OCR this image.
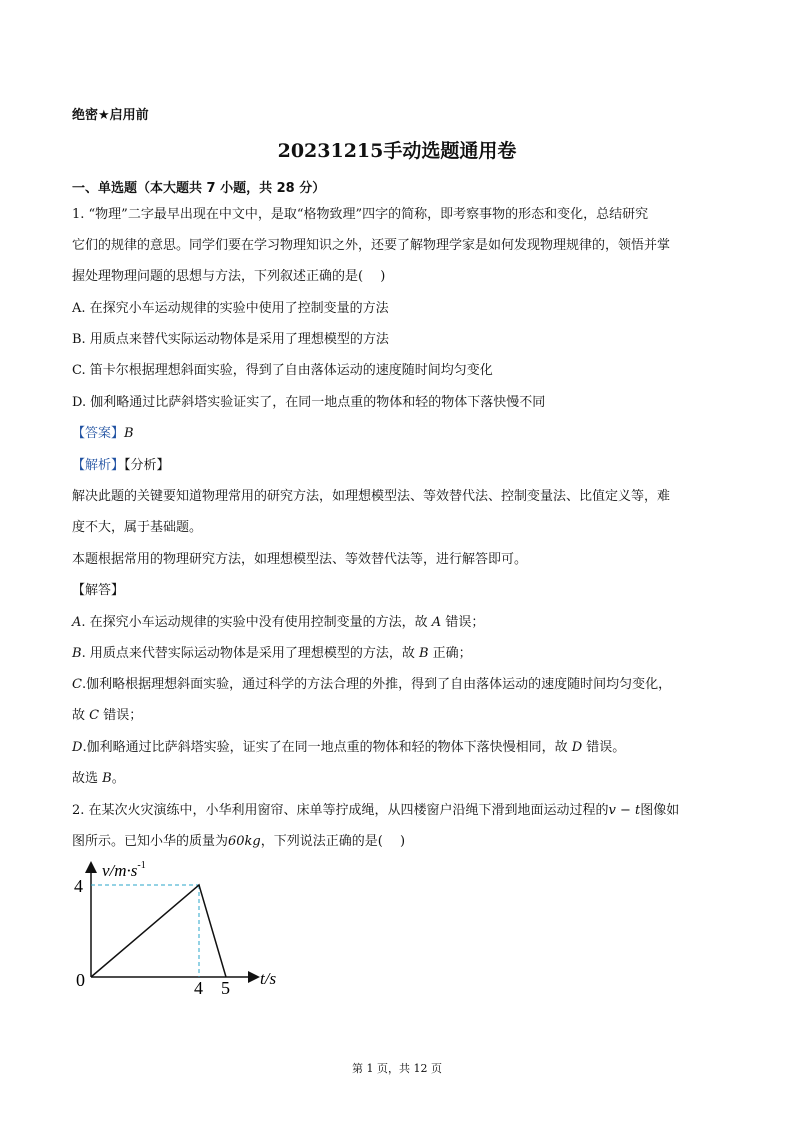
绝密★启用前
20231215手动选题通用卷
一、单选题（本大题共 7 小题，共 28 分）
1. “物理”二字最早出现在中文中，是取“格物致理”四字的简称，即考察事物的形态和变化，总结研究
它们的规律的意思。同学们要在学习物理知识之外，还要了解物理学家是如何发现物理规律的，领悟并掌
握处理物理问题的思想与方法，下列叙述正确的是(　 )
A. 在探究小车运动规律的实验中使用了控制变量的方法
B. 用质点来替代实际运动物体是采用了理想模型的方法
C. 笛卡尔根据理想斜面实验，得到了自由落体运动的速度随时间均匀变化
D. 伽利略通过比萨斜塔实验证实了，在同一地点重的物体和轻的物体下落快慢不同
【答案】B
【解析】【分析】
解决此题的关键要知道物理常用的研究方法，如理想模型法、等效替代法、控制变量法、比值定义等，难
度不大，属于基础题。
本题根据常用的物理研究方法，如理想模型法、等效替代法等，进行解答即可。
【解答】
A. 在探究小车运动规律的实验中没有使用控制变量的方法，故 A 错误；
B. 用质点来代替实际运动物体是采用了理想模型的方法，故 B 正确；
C.伽利略根据理想斜面实验，通过科学的方法合理的外推，得到了自由落体运动的速度随时间均匀变化，
故 C 错误；
D.伽利略通过比萨斜塔实验，证实了在同一地点重的物体和轻的物体下落快慢相同，故 D 错误。
故选 B。
2. 在某次火灾演练中，小华利用窗帘、床单等拧成绳，从四楼窗户沿绳下滑到地面运动过程的v − t图像如
图所示。已知小华的质量为60kg，下列说法正确的是(　 )
$v/m\cdot s^{-1}$
t/s
0
4
4 5
第 1 页，共 12 页
